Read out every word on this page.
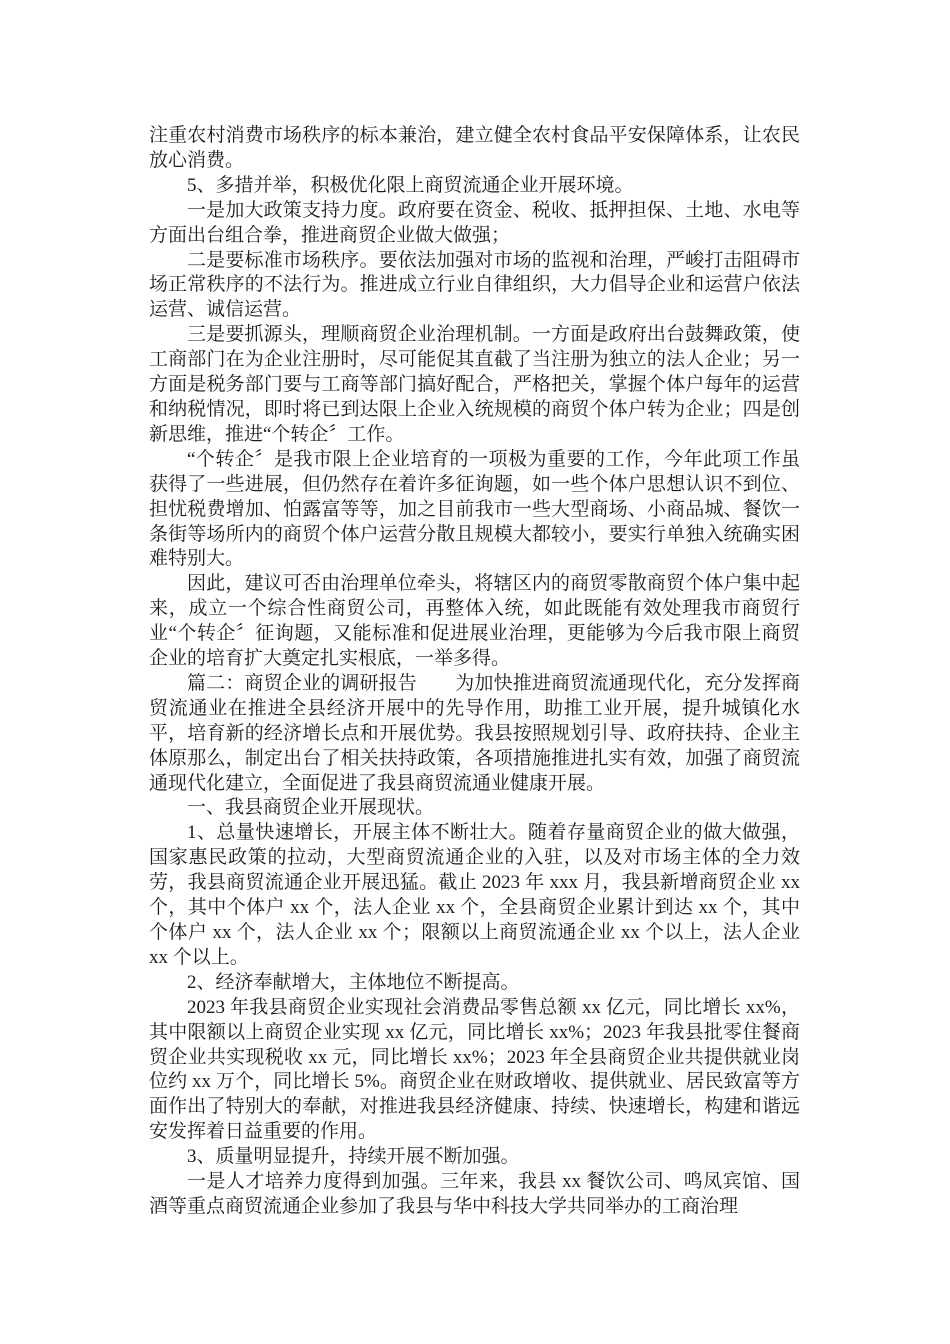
注重农村消费市场秩序的标本兼治，建立健全农村食品平安保障体系，让农民放心消费。

5、多措并举，积极优化限上商贸流通企业开展环境。

一是加大政策支持力度。政府要在资金、税收、抵押担保、土地、水电等方面出台组合拳，推进商贸企业做大做强；

二是要标准市场秩序。要依法加强对市场的监视和治理，严峻打击阻碍市场正常秩序的不法行为。推进成立行业自律组织，大力倡导企业和运营户依法运营、诚信运营。

三是要抓源头，理顺商贸企业治理机制。一方面是政府出台鼓舞政策，使工商部门在为企业注册时，尽可能促其直截了当注册为独立的法人企业；另一方面是税务部门要与工商等部门搞好配合，严格把关，掌握个体户每年的运营和纳税情况，即时将已到达限上企业入统规模的商贸个体户转为企业；四是创新思维，推进“个转企〞工作。

“个转企〞是我市限上企业培育的一项极为重要的工作，今年此项工作虽获得了一些进展，但仍然存在着许多征询题，如一些个体户思想认识不到位、担忧税费增加、怕露富等等，加之目前我市一些大型商场、小商品城、餐饮一条街等场所内的商贸个体户运营分散且规模大都较小，要实行单独入统确实困难特别大。

因此，建议可否由治理单位牵头，将辖区内的商贸零散商贸个体户集中起来，成立一个综合性商贸公司，再整体入统，如此既能有效处理我市商贸行业“个转企〞征询题，又能标准和促进展业治理，更能够为今后我市限上商贸企业的培育扩大奠定扎实根底，一举多得。

篇二：商贸企业的调研报告　　为加快推进商贸流通现代化，充分发挥商贸流通业在推进全县经济开展中的先导作用，助推工业开展，提升城镇化水平，培育新的经济增长点和开展优势。我县按照规划引导、政府扶持、企业主体原那么，制定出台了相关扶持政策，各项措施推进扎实有效，加强了商贸流通现代化建立，全面促进了我县商贸流通业健康开展。

一、我县商贸企业开展现状。

1、总量快速增长，开展主体不断壮大。随着存量商贸企业的做大做强，国家惠民政策的拉动，大型商贸流通企业的入驻，以及对市场主体的全力效劳，我县商贸流通企业开展迅猛。截止 2023 年 xxx 月，我县新增商贸企业 xx 个，其中个体户 xx 个，法人企业 xx 个，全县商贸企业累计到达 xx 个，其中个体户 xx 个，法人企业 xx 个；限额以上商贸流通企业 xx 个以上，法人企业 xx 个以上。

2、经济奉献增大，主体地位不断提高。

2023 年我县商贸企业实现社会消费品零售总额 xx 亿元，同比增长 xx%，其中限额以上商贸企业实现 xx 亿元，同比增长 xx%；2023 年我县批零住餐商贸企业共实现税收 xx 元，同比增长 xx%；2023 年全县商贸企业共提供就业岗位约 xx 万个，同比增长 5%。商贸企业在财政增收、提供就业、居民致富等方面作出了特别大的奉献，对推进我县经济健康、持续、快速增长，构建和谐远安发挥着日益重要的作用。

3、质量明显提升，持续开展不断加强。

一是人才培养力度得到加强。三年来，我县 xx 餐饮公司、鸣凤宾馆、国酒等重点商贸流通企业参加了我县与华中科技大学共同举办的工商治理
